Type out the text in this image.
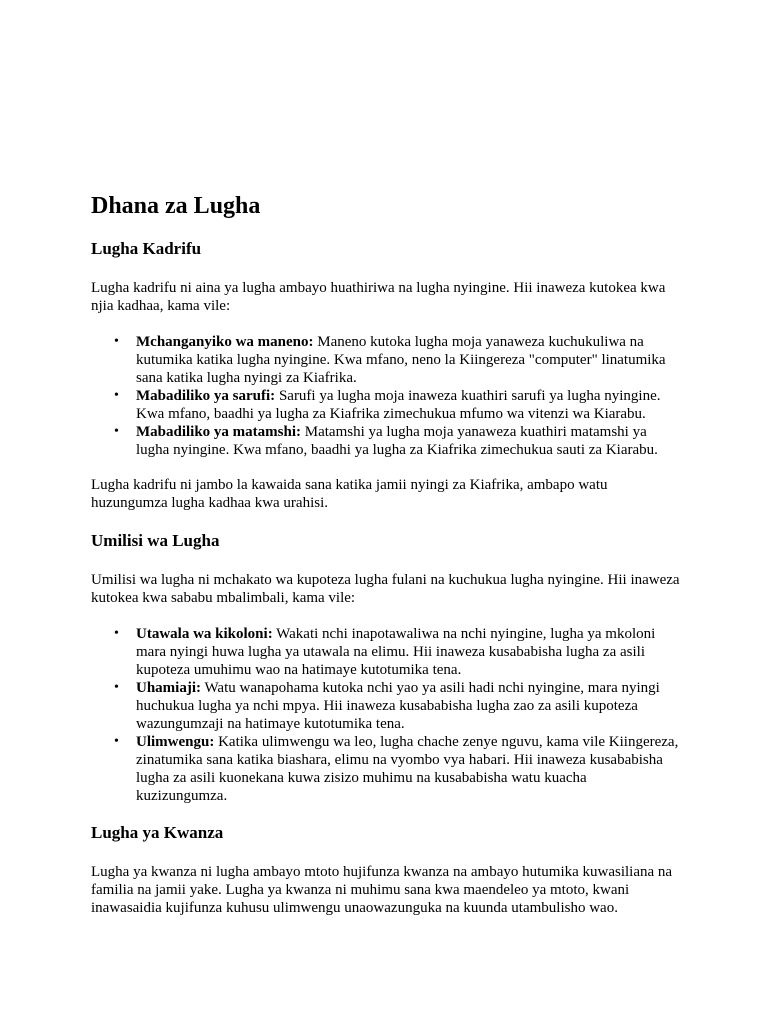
Dhana za Lugha
Lugha Kadrifu

Lugha kadrifu ni aina ya lugha ambayo huathiriwa na lugha nyingine. Hii inaweza kutokea kwa njia kadhaa, kama vile:

• Mchanganyiko wa maneno: Maneno kutoka lugha moja yanaweza kuchukuliwa na kutumika katika lugha nyingine. Kwa mfano, neno la Kiingereza "computer" linatumika sana katika lugha nyingi za Kiafrika.
• Mabadiliko ya sarufi: Sarufi ya lugha moja inaweza kuathiri sarufi ya lugha nyingine. Kwa mfano, baadhi ya lugha za Kiafrika zimechukua mfumo wa vitenzi wa Kiarabu.
• Mabadiliko ya matamshi: Matamshi ya lugha moja yanaweza kuathiri matamshi ya lugha nyingine. Kwa mfano, baadhi ya lugha za Kiafrika zimechukua sauti za Kiarabu.

Lugha kadrifu ni jambo la kawaida sana katika jamii nyingi za Kiafrika, ambapo watu huzungumza lugha kadhaa kwa urahisi.

Umilisi wa Lugha

Umilisi wa lugha ni mchakato wa kupoteza lugha fulani na kuchukua lugha nyingine. Hii inaweza kutokea kwa sababu mbalimbali, kama vile:

• Utawala wa kikoloni: Wakati nchi inapotawaliwa na nchi nyingine, lugha ya mkoloni mara nyingi huwa lugha ya utawala na elimu. Hii inaweza kusababisha lugha za asili kupoteza umuhimu wao na hatimaye kutotumika tena.
• Uhamiaji: Watu wanapohama kutoka nchi yao ya asili hadi nchi nyingine, mara nyingi huchukua lugha ya nchi mpya. Hii inaweza kusababisha lugha zao za asili kupoteza wazungumzaji na hatimaye kutotumika tena.
• Ulimwengu: Katika ulimwengu wa leo, lugha chache zenye nguvu, kama vile Kiingereza, zinatumika sana katika biashara, elimu na vyombo vya habari. Hii inaweza kusababisha lugha za asili kuonekana kuwa zisizo muhimu na kusababisha watu kuacha kuzizungumza.
Lugha ya Kwanza

Lugha ya kwanza ni lugha ambayo mtoto hujifunza kwanza na ambayo hutumika kuwasiliana na familia na jamii yake. Lugha ya kwanza ni muhimu sana kwa maendeleo ya mtoto, kwani inawasaidia kujifunza kuhusu ulimwengu unaowazunguka na kuunda utambulisho wao.
